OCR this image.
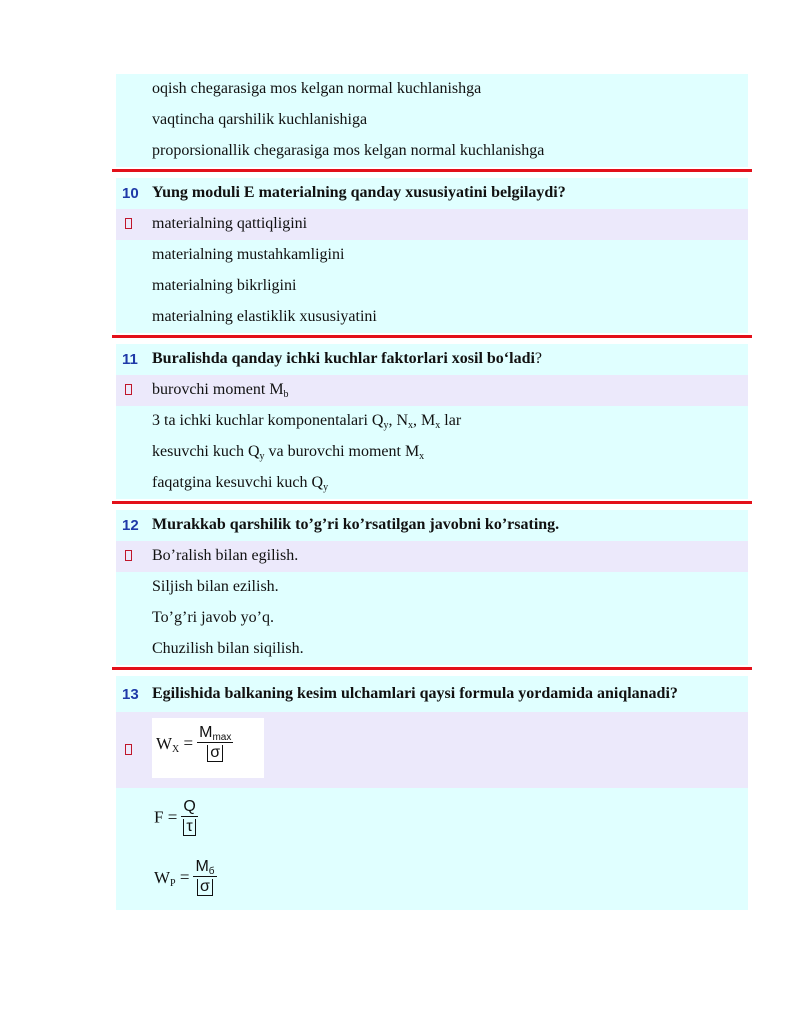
oqish chegarasiga mos kelgan normal kuchlanishga
vaqtincha qarshilik kuchlanishiga
proporsionallik chegarasiga mos kelgan normal kuchlanishga
10 Yung moduli E materialning qanday xususiyatini belgilaydi?
materialning qattiqligini
materialning mustahkamligini
materialning bikrligini
materialning elastiklik xususiyatini
11 Buralishda qanday ichki kuchlar faktorlari xosil bo‘ladi?
burovchi moment $M_b$
3 ta ichki kuchlar komponentalari $Q_y$, $N_x$, $M_x$ lar
kesuvchi kuch $Q_y$ va burovchi moment $M_x$
faqatgina kesuvchi kuch $Q_y$
12 Murakkab qarshilik to’g’ri ko’rsatilgan javobni ko’rsating.
Bo’ralish bilan egilish.
Siljish bilan ezilish.
To’g’ri javob yo’q.
Chuzilish bilan siqilish.
13 Egilishida balkaning kesim ulchamlari qaysi formula yordamida aniqlanadi?
$W_X$ =
$M_{max}$
σ
$F = \frac{Q}{\tau}$
$W_P$ =
$M_б$
σ
